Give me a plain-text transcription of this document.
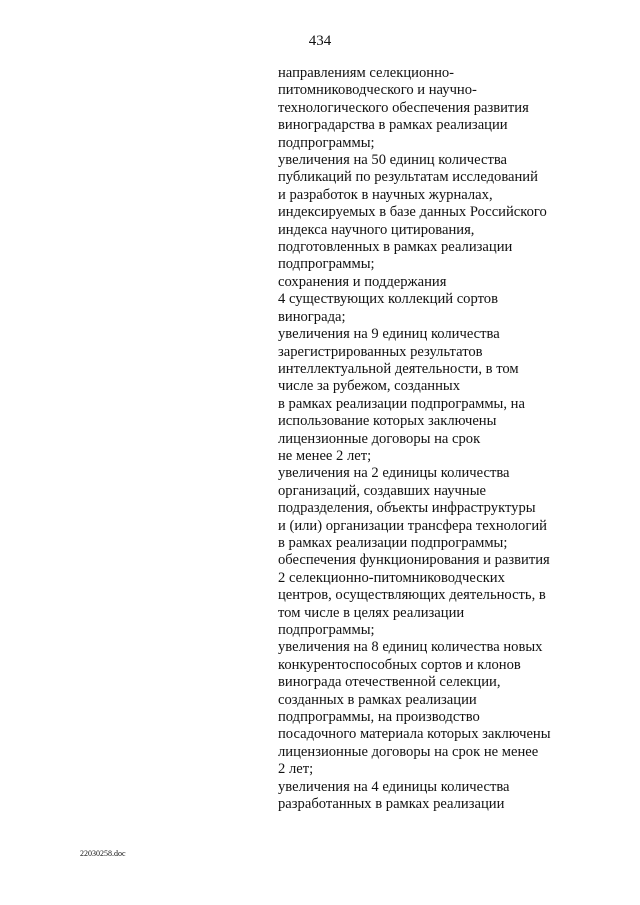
434
направлениям селекционно-
питомниководческого и научно-
технологического обеспечения развития
виноградарства в рамках реализации
подпрограммы;
увеличения на 50 единиц количества
публикаций по результатам исследований
и разработок в научных журналах,
индексируемых в базе данных Российского
индекса научного цитирования,
подготовленных в рамках реализации
подпрограммы;
сохранения и поддержания
4 существующих коллекций сортов
винограда;
увеличения на 9 единиц количества
зарегистрированных результатов
интеллектуальной деятельности, в том
числе за рубежом, созданных
в рамках реализации подпрограммы, на
использование которых заключены
лицензионные договоры на срок
не менее 2 лет;
увеличения на 2 единицы количества
организаций, создавших научные
подразделения, объекты инфраструктуры
и (или) организации трансфера технологий
в рамках реализации подпрограммы;
обеспечения функционирования и развития
2 селекционно-питомниководческих
центров, осуществляющих деятельность, в
том числе в целях реализации
подпрограммы;
увеличения на 8 единиц количества новых
конкурентоспособных сортов и клонов
винограда отечественной селекции,
созданных в рамках реализации
подпрограммы, на производство
посадочного материала которых заключены
лицензионные договоры на срок не менее
2 лет;
увеличения на 4 единицы количества
разработанных в рамках реализации
22030258.doc
